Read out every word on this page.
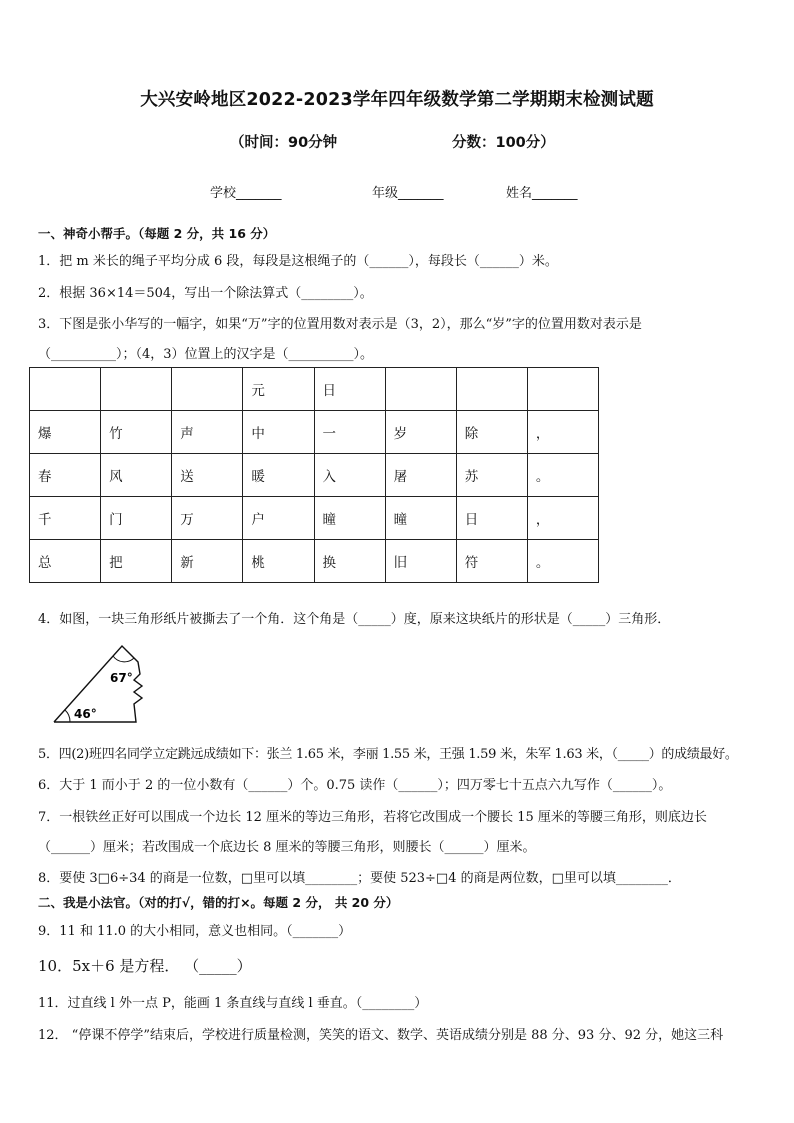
大兴安岭地区2022-2023学年四年级数学第二学期期末检测试题
（时间：90分钟	分数：100分）
学校_______	年级_______	姓名_______
一、神奇小帮手。（每题 2 分，共 16 分）
1．把 m 米长的绳子平均分成 6 段，每段是这根绳子的（______），每段长（______）米。
2．根据 36×14＝504，写出一个除法算式（________）。
3．下图是张小华写的一幅字，如果“万”字的位置用数对表示是（3，2），那么“岁”字的位置用数对表示是
（__________）；（4，3）位置上的汉字是（__________）。
			元	日			
爆	竹	声	中	一	岁	除	，
春	风	送	暖	入	屠	苏	。
千	门	万	户	曈	曈	日	，
总	把	新	桃	换	旧	符	。
4．如图，一块三角形纸片被撕去了一个角．这个角是（_____）度，原来这块纸片的形状是（_____）三角形．
67°
46°
5．四(2)班四名同学立定跳远成绩如下：张兰 1.65 米，李丽 1.55 米，王强 1.59 米，朱军 1.63 米，（_____）的成绩最好。
6．大于 1 而小于 2 的一位小数有（______）个。0.75 读作（______）；四万零七十五点六九写作（______）。
7．一根铁丝正好可以围成一个边长 12 厘米的等边三角形，若将它改围成一个腰长 15 厘米的等腰三角形，则底边长
（______）厘米；若改围成一个底边长 8 厘米的等腰三角形，则腰长（______）厘米。
8．要使 3□6÷34 的商是一位数，□里可以填________；要使 523÷□4 的商是两位数，□里可以填________．
二、我是小法官。（对的打√，错的打×。每题 2 分， 共 20 分）
9．11 和 11.0 的大小相同，意义也相同。（_______）
10．5x＋6 是方程． （_____）
11．过直线 l 外一点 P，能画 1 条直线与直线 l 垂直。（________）
12． “停课不停学”结束后，学校进行质量检测，笑笑的语文、数学、英语成绩分别是 88 分、93 分、92 分，她这三科
